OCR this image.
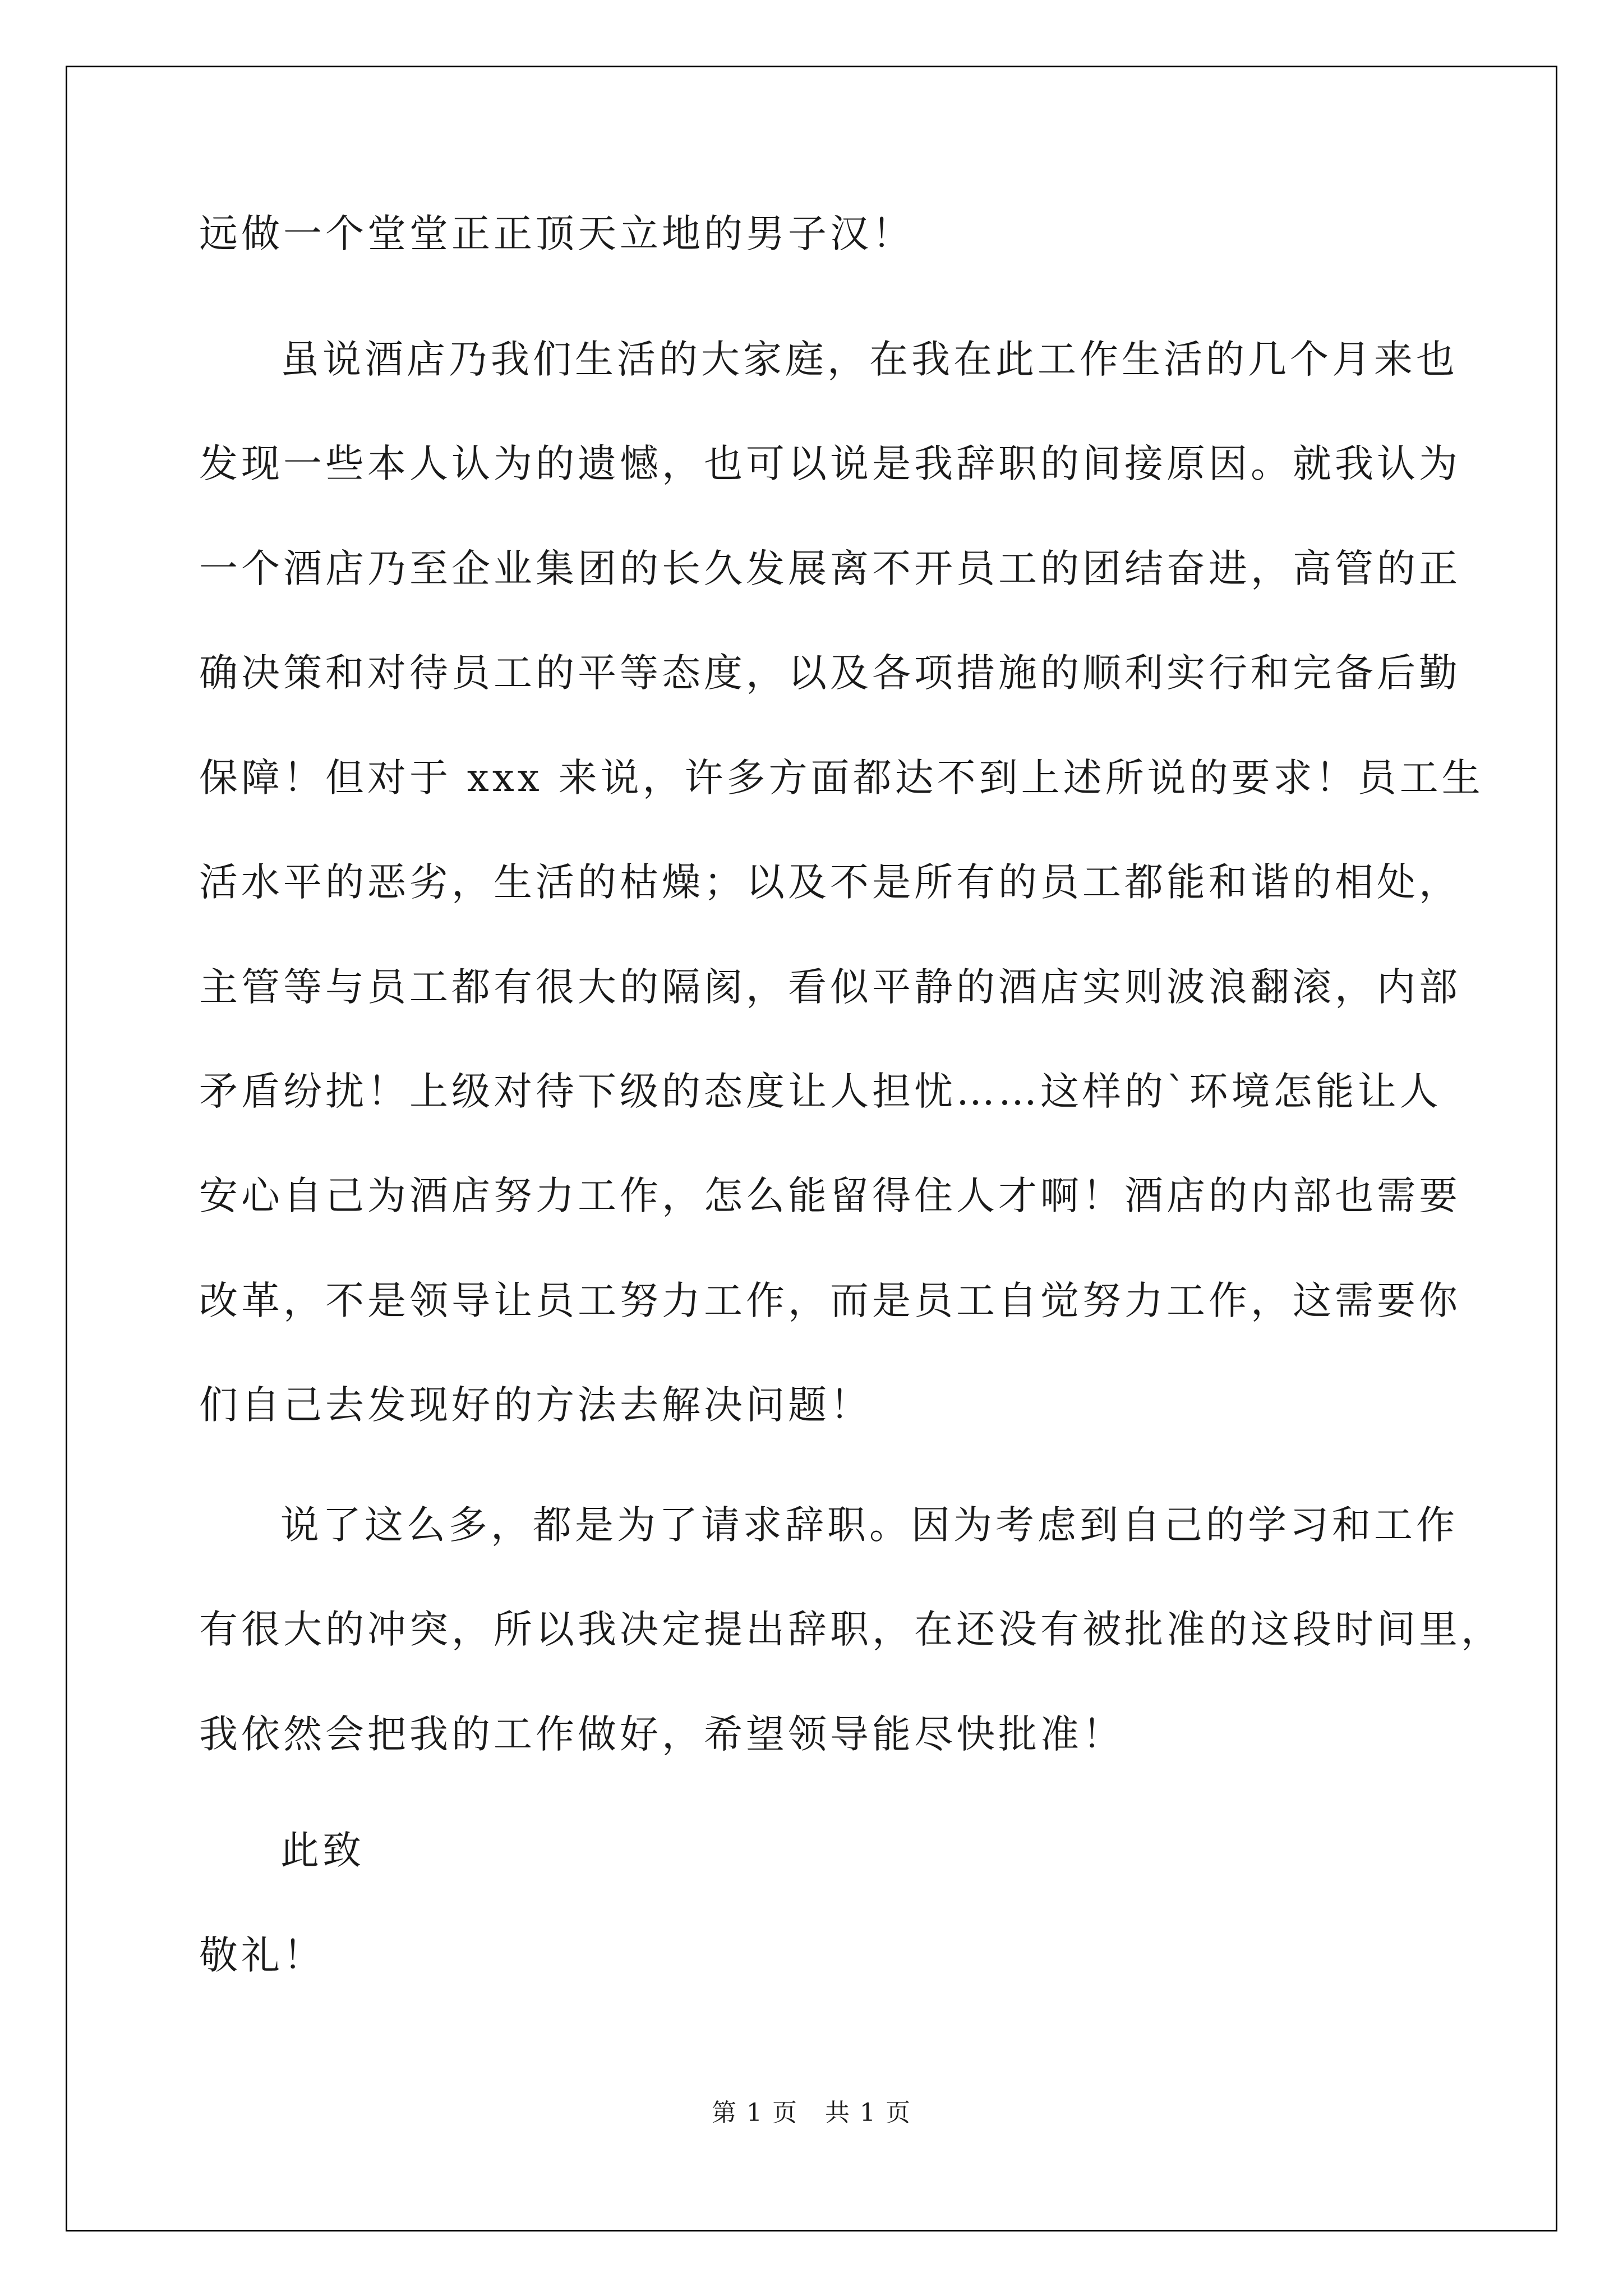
远做一个堂堂正正顶天立地的男子汉！
虽说酒店乃我们生活的大家庭，在我在此工作生活的几个月来也
发现一些本人认为的遗憾，也可以说是我辞职的间接原因。就我认为
一个酒店乃至企业集团的长久发展离不开员工的团结奋进，高管的正
确决策和对待员工的平等态度，以及各项措施的顺利实行和完备后勤
保障！但对于 xxx 来说，许多方面都达不到上述所说的要求！员工生
活水平的恶劣，生活的枯燥；以及不是所有的员工都能和谐的相处，
主管等与员工都有很大的隔阂，看似平静的酒店实则波浪翻滚，内部
矛盾纷扰！上级对待下级的态度让人担忧……这样的`环境怎能让人
安心自己为酒店努力工作，怎么能留得住人才啊！酒店的内部也需要
改革，不是领导让员工努力工作，而是员工自觉努力工作，这需要你
们自己去发现好的方法去解决问题！
说了这么多，都是为了请求辞职。因为考虑到自己的学习和工作
有很大的冲突，所以我决定提出辞职，在还没有被批准的这段时间里，
我依然会把我的工作做好，希望领导能尽快批准！
此致
敬礼！
第 1 页   共 1 页
